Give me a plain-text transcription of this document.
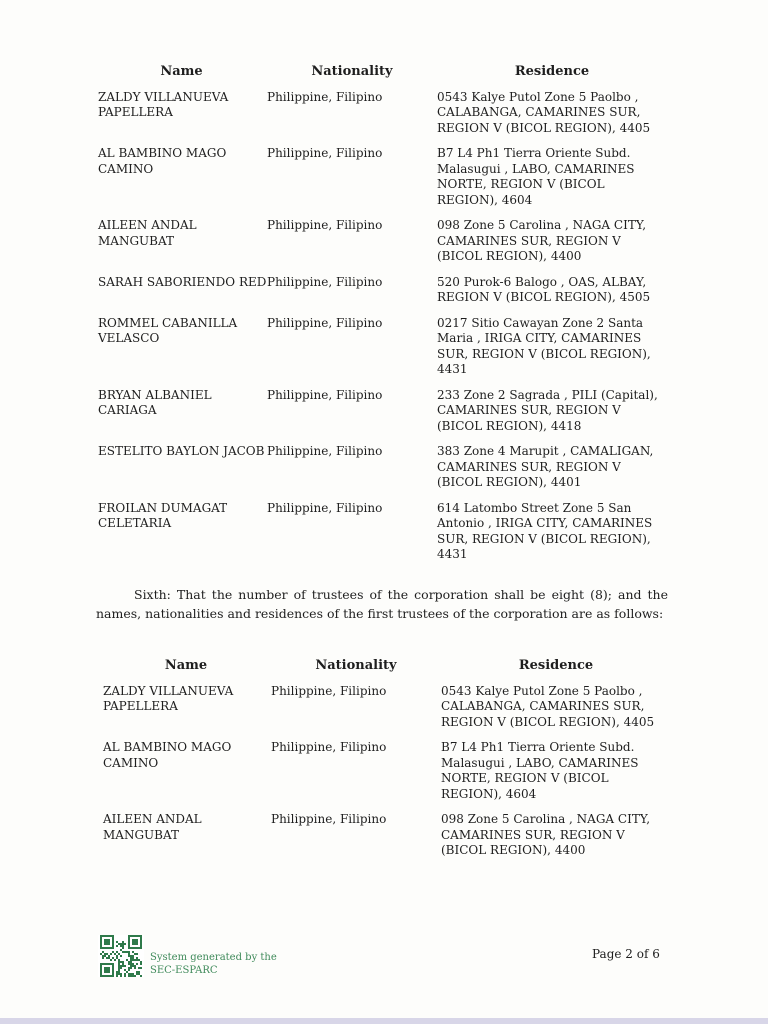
Name	Nationality	Residence
ZALDY VILLANUEVA PAPELLERA	Philippine, Filipino	0543 Kalye Putol Zone 5 Paolbo , CALABANGA, CAMARINES SUR, REGION V (BICOL REGION), 4405
AL BAMBINO MAGO CAMINO	Philippine, Filipino	B7 L4 Ph1 Tierra Oriente Subd. Malasugui , LABO, CAMARINES NORTE, REGION V (BICOL REGION), 4604
AILEEN ANDAL MANGUBAT	Philippine, Filipino	098 Zone 5 Carolina , NAGA CITY, CAMARINES SUR, REGION V (BICOL REGION), 4400
SARAH SABORIENDO RED	Philippine, Filipino	520 Purok-6 Balogo , OAS, ALBAY, REGION V (BICOL REGION), 4505
ROMMEL CABANILLA VELASCO	Philippine, Filipino	0217 Sitio Cawayan Zone 2 Santa Maria , IRIGA CITY, CAMARINES SUR, REGION V (BICOL REGION), 4431
BRYAN ALBANIEL CARIAGA	Philippine, Filipino	233 Zone 2 Sagrada , PILI (Capital), CAMARINES SUR, REGION V (BICOL REGION), 4418
ESTELITO BAYLON JACOB	Philippine, Filipino	383 Zone 4 Marupit , CAMALIGAN, CAMARINES SUR, REGION V (BICOL REGION), 4401
FROILAN DUMAGAT CELETARIA	Philippine, Filipino	614 Latombo Street Zone 5 San Antonio , IRIGA CITY, CAMARINES SUR, REGION V (BICOL REGION), 4431

Sixth: That the number of trustees of the corporation shall be eight (8); and the names, nationalities and residences of the first trustees of the corporation are as follows:

Name	Nationality	Residence
ZALDY VILLANUEVA PAPELLERA	Philippine, Filipino	0543 Kalye Putol Zone 5 Paolbo , CALABANGA, CAMARINES SUR, REGION V (BICOL REGION), 4405
AL BAMBINO MAGO CAMINO	Philippine, Filipino	B7 L4 Ph1 Tierra Oriente Subd. Malasugui , LABO, CAMARINES NORTE, REGION V (BICOL REGION), 4604
AILEEN ANDAL MANGUBAT	Philippine, Filipino	098 Zone 5 Carolina , NAGA CITY, CAMARINES SUR, REGION V (BICOL REGION), 4400
System generated by the SEC-ESPARC
Page 2 of 6
